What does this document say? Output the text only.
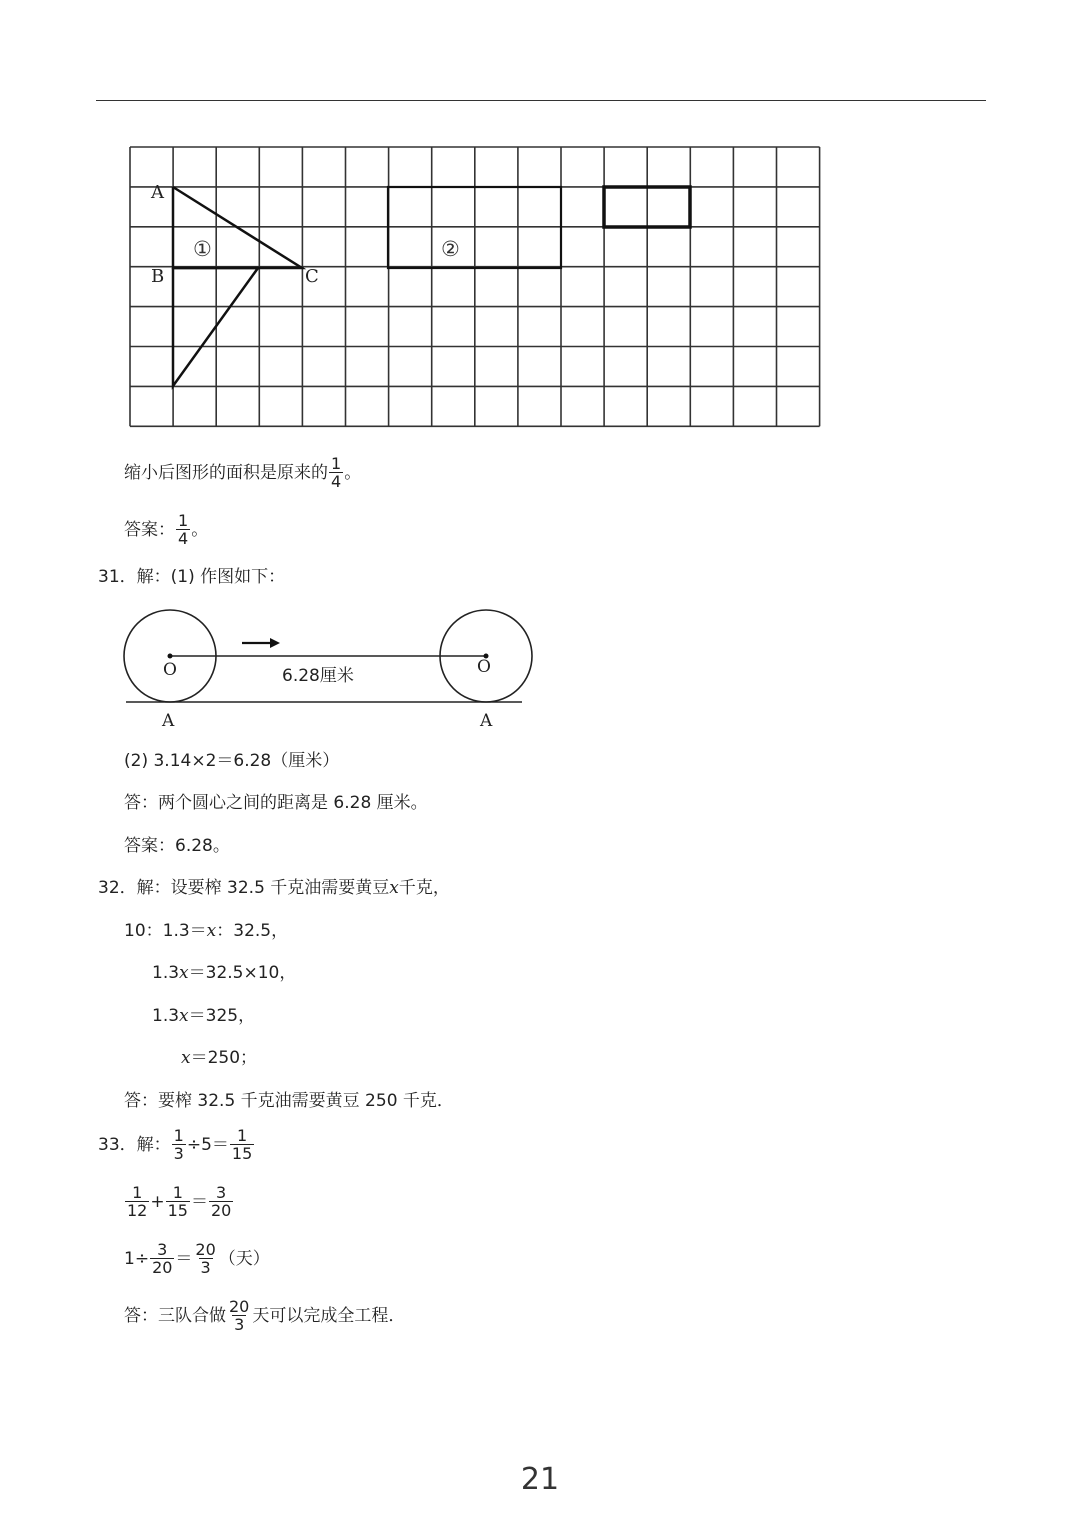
A
B	C
①	②
缩小后图形的面积是原来的 $\frac{1}{4}$ 。
答案： $\frac{1}{4}$ 。
31．解：(1) 作图如下：
O	O
A	A
6.28厘米
(2) 3.14×2＝6.28（厘米）
答：两个圆心之间的距离是 6.28 厘米。
答案：6.28。
32．解：设要榨 32.5 千克油需要黄豆 x 千克，
10：1.3＝ x ：32.5，
1.3 x ＝32.5×10，
1.3 x ＝325，
x ＝250；
答：要榨 32.5 千克油需要黄豆 250 千克．
33．解： $\frac{1}{3} \div 5= \frac{1}{15}$
$\frac{1}{12} + \frac{1}{15} = \frac{3}{20}$
$1\div \frac{3}{20} = \frac{20}{3}$ （天）
答：三队合做 $\frac{20}{3}$ 天可以完成全工程．
21
